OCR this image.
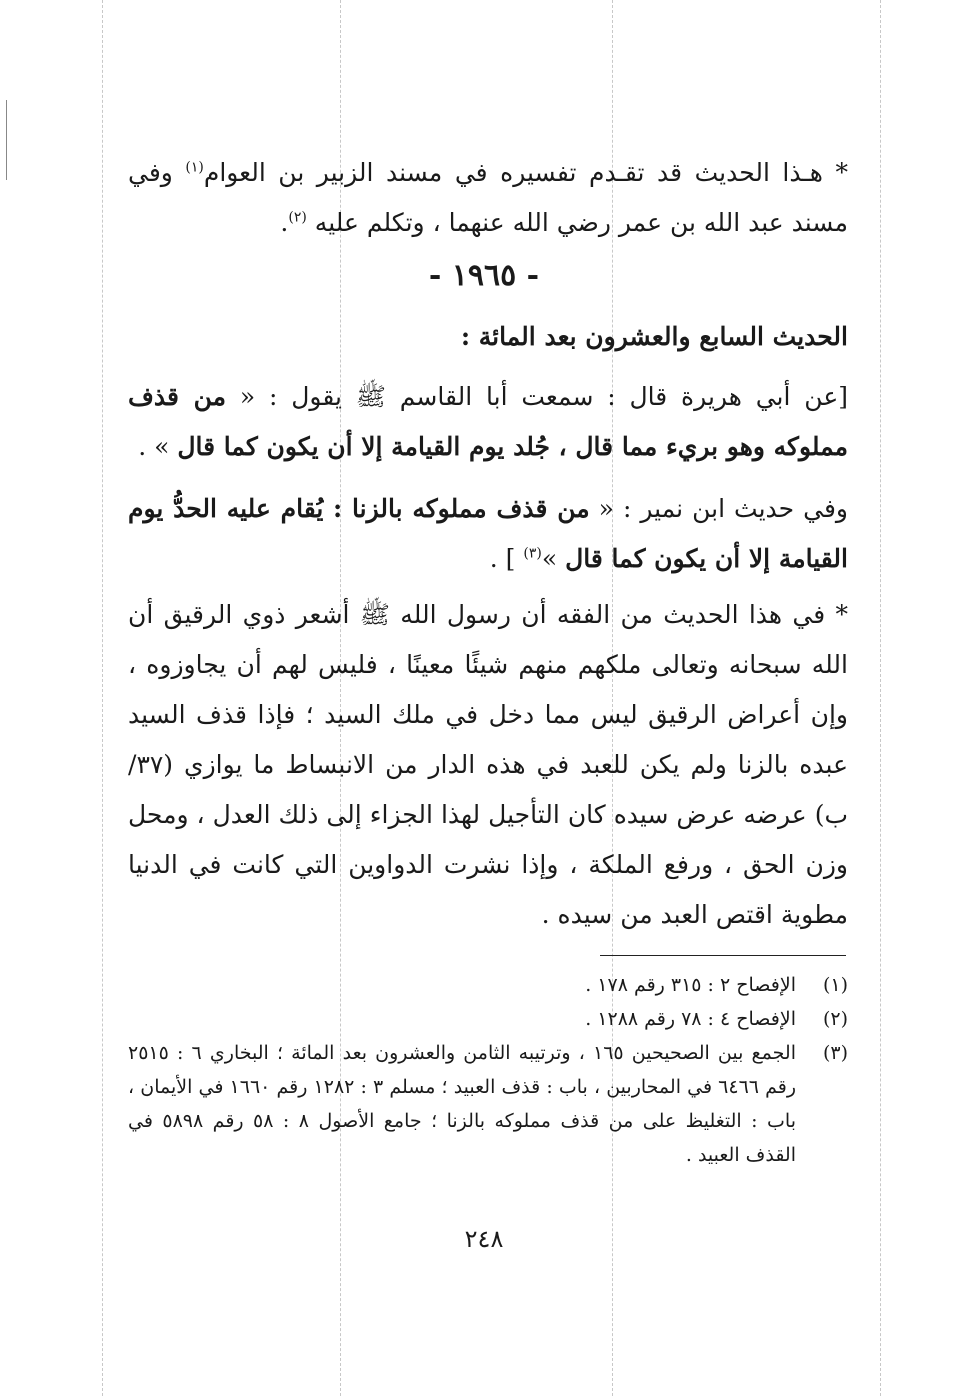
* هـذا الحديث قد تقـدم تفسيره في مسند الزبير بن العوام$^{(١)}$ وفي مسند عبد الله بن عمر رضي الله عنهما ، وتكلم عليه $^{(٢)}$.

- ١٩٦٥ -

الحديث السابع والعشرون بعد المائة :

[عن أبي هريرة قال : سمعت أبا القاسم ﷺ يقول : « من قذف مملوكه وهو بريء مما قال ، جُلد يوم القيامة إلا أن يكون كما قال » .

وفي حديث ابن نمير : « من قذف مملوكه بالزنا : يُقام عليه الحدُّ يوم القيامة إلا أن يكون كما قال »$^{(٣)}$ ] .

* في هذا الحديث من الفقه أن رسول الله ﷺ أشعر ذوي الرقيق أن الله سبحانه وتعالى ملكهم منهم شيئًا معينًا ، فليس لهم أن يجاوزوه ، وإن أعراض الرقيق ليس مما دخل في ملك السيد ؛ فإذا قذف السيد عبده بالزنا ولم يكن للعبد في هذه الدار من الانبساط ما يوازي (٣٧/ ب) عرضه عرض سيده كان التأجيل لهذا الجزاء إلى ذلك العدل ، ومحل وزن الحق ، ورفع الملكة ، وإذا نشرت الدواوين التي كانت في الدنيا مطوية اقتص العبد من سيده .

(١)
الإفصاح ٢ : ٣١٥ رقم ١٧٨ .
(٢)
الإفصاح ٤ : ٧٨ رقم ١٢٨٨ .
(٣)
الجمع بين الصحيحين ١٦٥ ، وترتيبه الثامن والعشرون بعد المائة ؛ البخاري ٦ : ٢٥١٥ رقم ٦٤٦٦ في المحاربين ، باب : قذف العبيد ؛ مسلم ٣ : ١٢٨٢ رقم ١٦٦٠ في الأيمان ، باب : التغليظ على من قذف مملوكه بالزنا ؛ جامع الأصول ٨ : ٥٨ رقم ٥٨٩٨ في القذف العبيد .
٢٤٨
